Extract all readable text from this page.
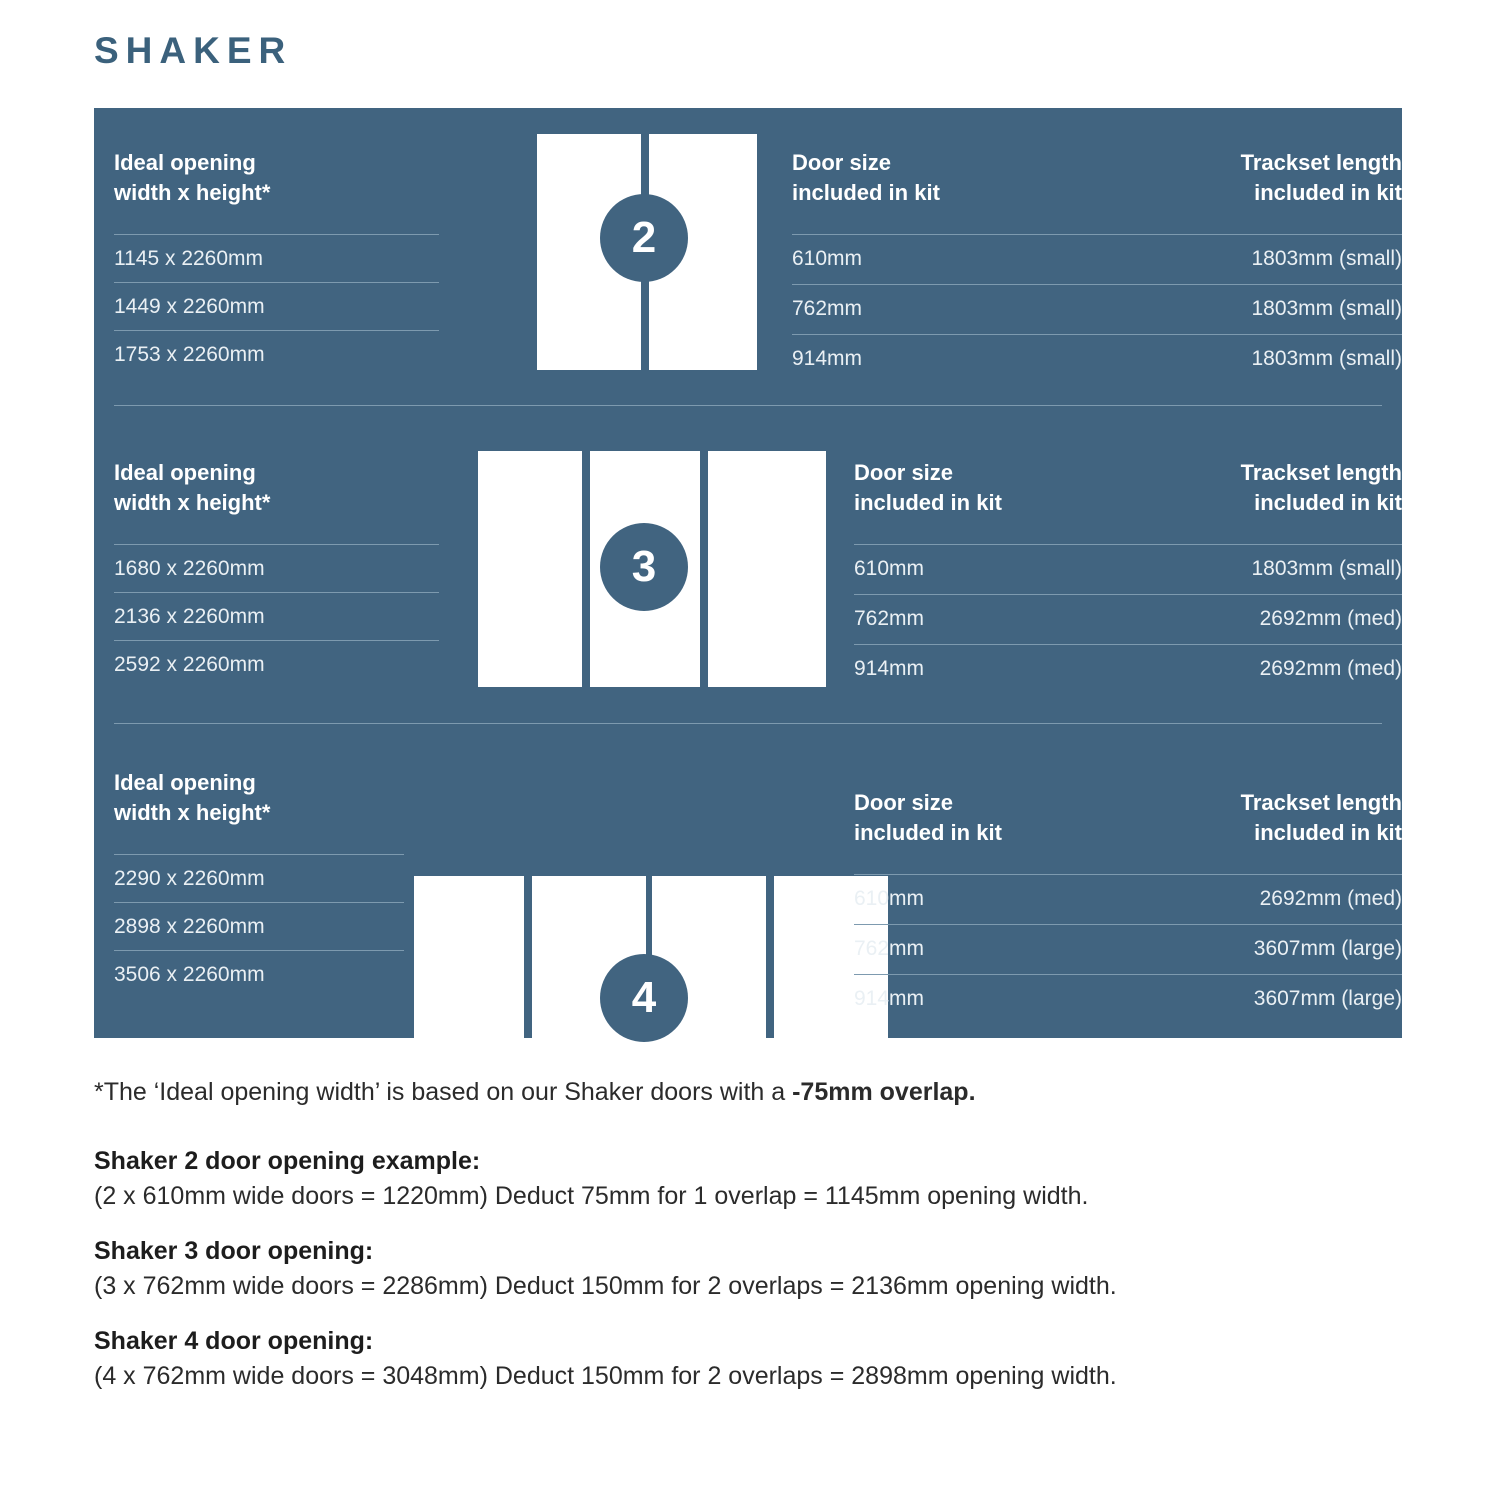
SHAKER
Ideal opening
width x height*
1145 x 2260mm
1449 x 2260mm
1753 x 2260mm
2
Door size
included in kit
Trackset length
included in kit
610mm	1803mm (small)
762mm	1803mm (small)
914mm	1803mm (small)
Ideal opening
width x height*
1680 x 2260mm
2136 x 2260mm
2592 x 2260mm
3
Door size
included in kit
Trackset length
included in kit
610mm	1803mm (small)
762mm	2692mm (med)
914mm	2692mm (med)
Ideal opening
width x height*
2290 x 2260mm
2898 x 2260mm
3506 x 2260mm	4
Door size
included in kit
Trackset length
included in kit
610mm	2692mm (med)
762mm	3607mm (large)
914mm	3607mm (large)
*The ‘Ideal opening width’ is based on our Shaker doors with a -75mm overlap.
Shaker 2 door opening example:
(2 x 610mm wide doors = 1220mm) Deduct 75mm for 1 overlap = 1145mm opening width.
Shaker 3 door opening:
(3 x 762mm wide doors = 2286mm) Deduct 150mm for 2 overlaps = 2136mm opening width.
Shaker 4 door opening:
(4 x 762mm wide doors = 3048mm) Deduct 150mm for 2 overlaps = 2898mm opening width.
